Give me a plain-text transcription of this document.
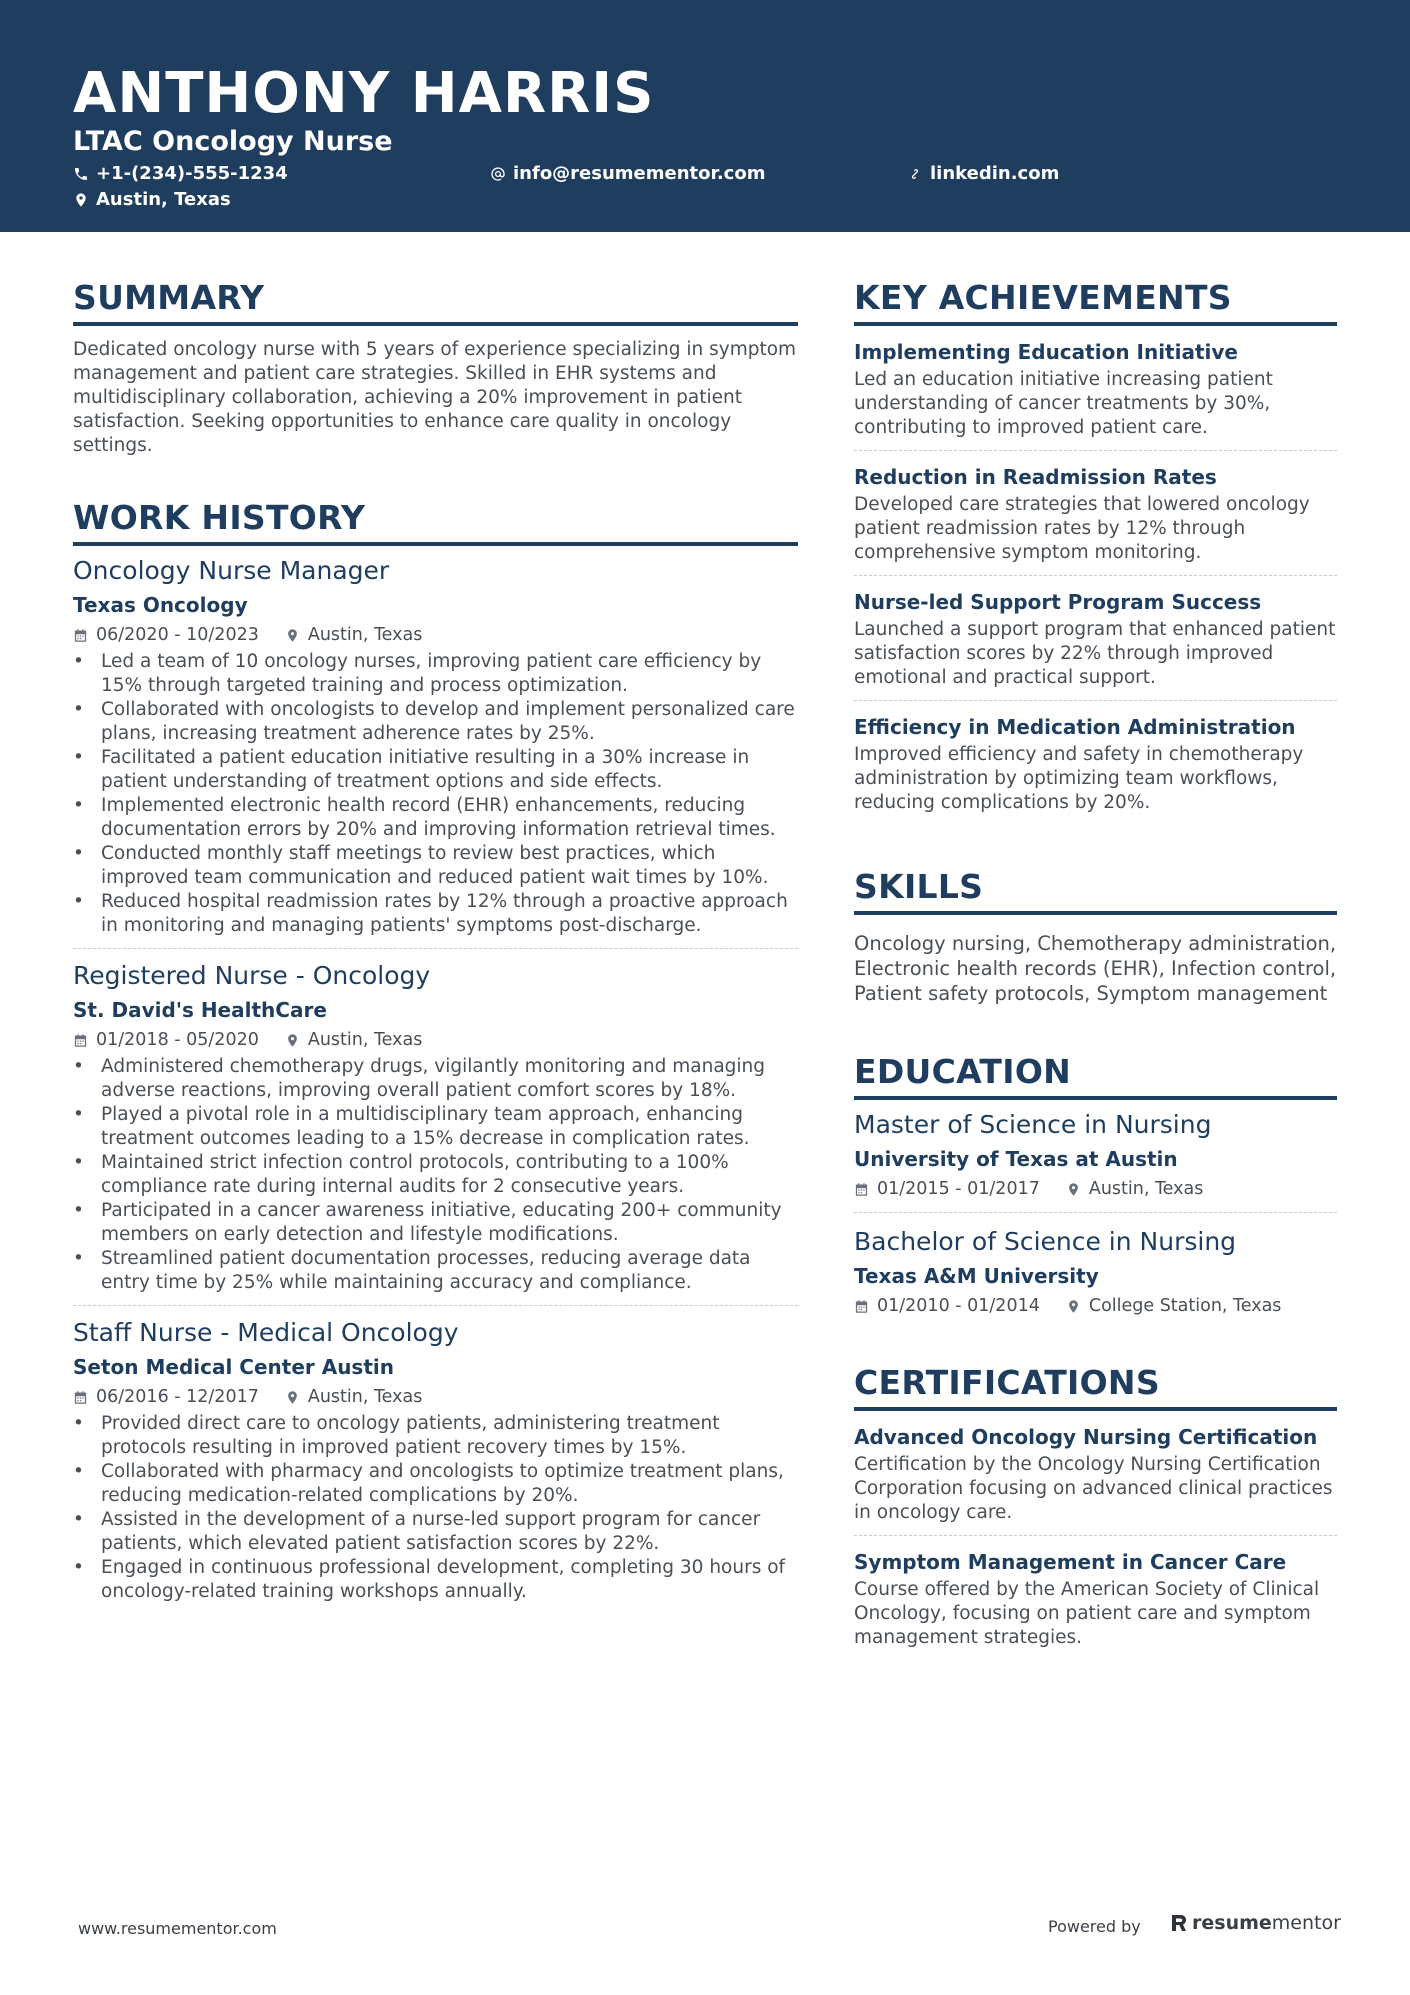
ANTHONY HARRIS
LTAC Oncology Nurse
+1-(234)-555-1234	info@resumementor.com	linkedin.com
Austin, Texas
SUMMARY
Dedicated oncology nurse with 5 years of experience specializing in symptom management and patient care strategies. Skilled in EHR systems and multidisciplinary collaboration, achieving a 20% improvement in patient satisfaction. Seeking opportunities to enhance care quality in oncology settings.
WORK HISTORY
Oncology Nurse Manager
Texas Oncology
06/2020 - 10/2023	Austin, Texas
• Led a team of 10 oncology nurses, improving patient care efficiency by 15% through targeted training and process optimization.
• Collaborated with oncologists to develop and implement personalized care plans, increasing treatment adherence rates by 25%.
• Facilitated a patient education initiative resulting in a 30% increase in patient understanding of treatment options and side effects.
• Implemented electronic health record (EHR) enhancements, reducing documentation errors by 20% and improving information retrieval times.
• Conducted monthly staff meetings to review best practices, which improved team communication and reduced patient wait times by 10%.
• Reduced hospital readmission rates by 12% through a proactive approach in monitoring and managing patients' symptoms post-discharge.
Registered Nurse - Oncology
St. David's HealthCare
01/2018 - 05/2020	Austin, Texas
• Administered chemotherapy drugs, vigilantly monitoring and managing adverse reactions, improving overall patient comfort scores by 18%.
• Played a pivotal role in a multidisciplinary team approach, enhancing treatment outcomes leading to a 15% decrease in complication rates.
• Maintained strict infection control protocols, contributing to a 100% compliance rate during internal audits for 2 consecutive years.
• Participated in a cancer awareness initiative, educating 200+ community members on early detection and lifestyle modifications.
• Streamlined patient documentation processes, reducing average data entry time by 25% while maintaining accuracy and compliance.
Staff Nurse - Medical Oncology
Seton Medical Center Austin
06/2016 - 12/2017	Austin, Texas
• Provided direct care to oncology patients, administering treatment protocols resulting in improved patient recovery times by 15%.
• Collaborated with pharmacy and oncologists to optimize treatment plans, reducing medication-related complications by 20%.
• Assisted in the development of a nurse-led support program for cancer patients, which elevated patient satisfaction scores by 22%.
• Engaged in continuous professional development, completing 30 hours of oncology-related training workshops annually.
KEY ACHIEVEMENTS
Implementing Education Initiative
Led an education initiative increasing patient understanding of cancer treatments by 30%, contributing to improved patient care.
Reduction in Readmission Rates
Developed care strategies that lowered oncology patient readmission rates by 12% through comprehensive symptom monitoring.
Nurse-led Support Program Success
Launched a support program that enhanced patient satisfaction scores by 22% through improved emotional and practical support.
Efficiency in Medication Administration
Improved efficiency and safety in chemotherapy administration by optimizing team workflows, reducing complications by 20%.
SKILLS
Oncology nursing, Chemotherapy administration, Electronic health records (EHR), Infection control, Patient safety protocols, Symptom management
EDUCATION
Master of Science in Nursing
University of Texas at Austin
01/2015 - 01/2017	Austin, Texas
Bachelor of Science in Nursing
Texas A&M University
01/2010 - 01/2014	College Station, Texas
CERTIFICATIONS
Advanced Oncology Nursing Certification
Certification by the Oncology Nursing Certification Corporation focusing on advanced clinical practices in oncology care.
Symptom Management in Cancer Care
Course offered by the American Society of Clinical Oncology, focusing on patient care and symptom management strategies.
www.resumementor.com	Powered by	resume mentor
